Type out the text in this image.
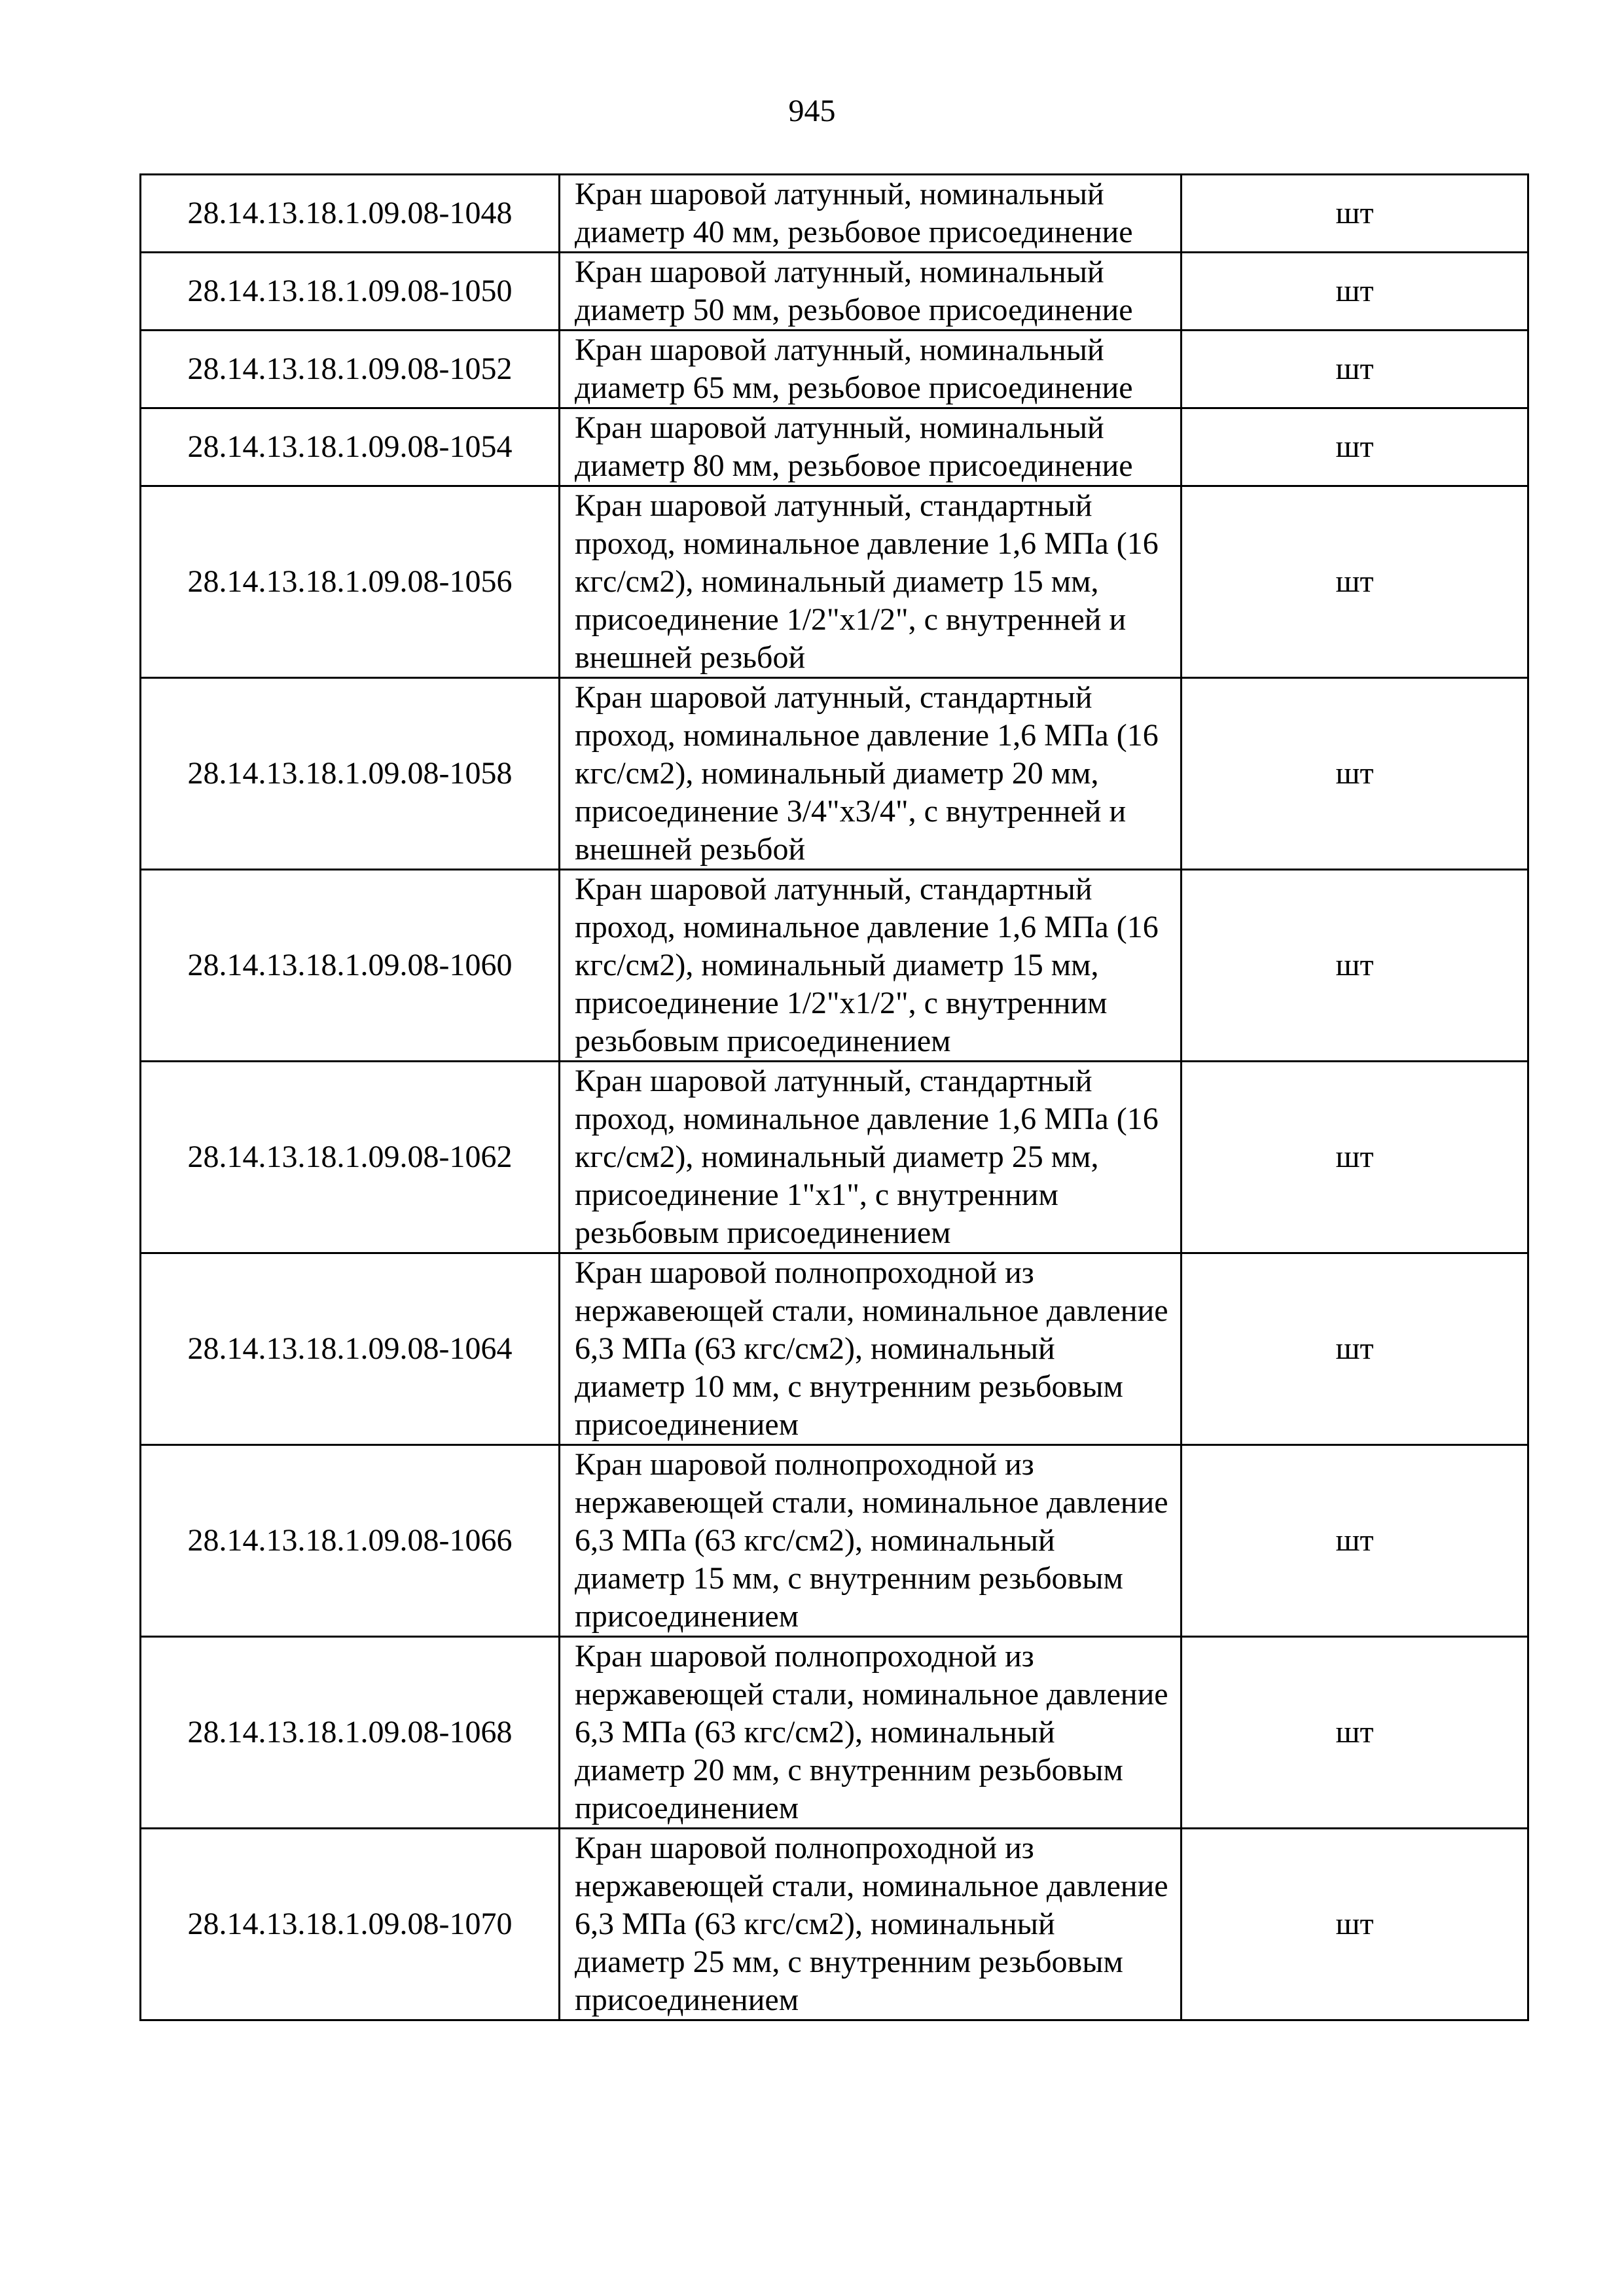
945
28.14.13.18.1.09.08-1048	Кран шаровой латунный, номинальный диаметр 40 мм, резьбовое присоединение	шт
28.14.13.18.1.09.08-1050	Кран шаровой латунный, номинальный диаметр 50 мм, резьбовое присоединение	шт
28.14.13.18.1.09.08-1052	Кран шаровой латунный, номинальный диаметр 65 мм, резьбовое присоединение	шт
28.14.13.18.1.09.08-1054	Кран шаровой латунный, номинальный диаметр 80 мм, резьбовое присоединение	шт
28.14.13.18.1.09.08-1056	Кран шаровой латунный, стандартный проход, номинальное давление 1,6 МПа (16 кгс/см2), номинальный диаметр 15 мм, присоединение 1/2"x1/2", с внутренней и внешней резьбой	шт
28.14.13.18.1.09.08-1058	Кран шаровой латунный, стандартный проход, номинальное давление 1,6 МПа (16 кгс/см2), номинальный диаметр 20 мм, присоединение 3/4"x3/4", с внутренней и внешней резьбой	шт
28.14.13.18.1.09.08-1060	Кран шаровой латунный, стандартный проход, номинальное давление 1,6 МПа (16 кгс/см2), номинальный диаметр 15 мм, присоединение 1/2"x1/2", с внутренним резьбовым присоединением	шт
28.14.13.18.1.09.08-1062	Кран шаровой латунный, стандартный проход, номинальное давление 1,6 МПа (16 кгс/см2), номинальный диаметр 25 мм, присоединение 1"x1", с внутренним резьбовым присоединением	шт
28.14.13.18.1.09.08-1064	Кран шаровой полнопроходной из нержавеющей стали, номинальное давление 6,3 МПа (63 кгс/см2), номинальный диаметр 10 мм, с внутренним резьбовым присоединением	шт
28.14.13.18.1.09.08-1066	Кран шаровой полнопроходной из нержавеющей стали, номинальное давление 6,3 МПа (63 кгс/см2), номинальный диаметр 15 мм, с внутренним резьбовым присоединением	шт
28.14.13.18.1.09.08-1068	Кран шаровой полнопроходной из нержавеющей стали, номинальное давление 6,3 МПа (63 кгс/см2), номинальный диаметр 20 мм, с внутренним резьбовым присоединением	шт
28.14.13.18.1.09.08-1070	Кран шаровой полнопроходной из нержавеющей стали, номинальное давление 6,3 МПа (63 кгс/см2), номинальный диаметр 25 мм, с внутренним резьбовым присоединением	шт
